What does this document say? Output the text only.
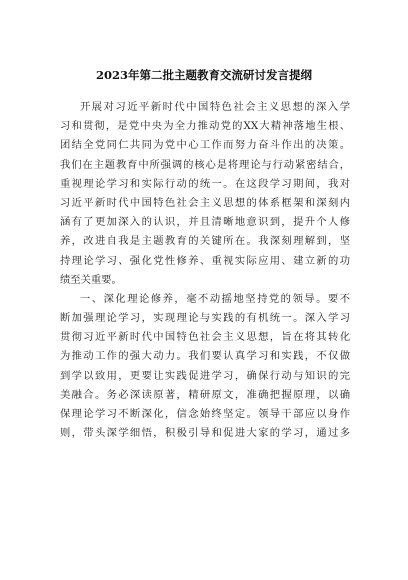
2023年第二批主题教育交流研讨发言提纲
开展对习近平新时代中国特色社会主义思想的深入学
习和贯彻，是党中央为全力推动党的XX大精神落地生根、
团结全党同仁共同为党中心工作而努力奋斗作出的决策。
我们在主题教育中所强调的核心是将理论与行动紧密结合，
重视理论学习和实际行动的统一。在这段学习期间，我对
习近平新时代中国特色社会主义思想的体系框架和深刻内
涵有了更加深入的认识，并且清晰地意识到，提升个人修
养，改进自我是主题教育的关键所在。我深刻理解到，坚
持理论学习、强化党性修养、重视实际应用、建立新的功
绩至关重要。
一、深化理论修养，毫不动摇地坚持党的领导。要不
断加强理论学习，实现理论与实践的有机统一。深入学习
贯彻习近平新时代中国特色社会主义思想，旨在将其转化
为推动工作的强大动力。我们要认真学习和实践，不仅做
到学以致用，更要让实践促进学习，确保行动与知识的完
美融合。务必深读原著，精研原文，准确把握原理，以确
保理论学习不断深化，信念始终坚定。领导干部应以身作
则，带头深学细悟，积极引导和促进大家的学习，通过多
